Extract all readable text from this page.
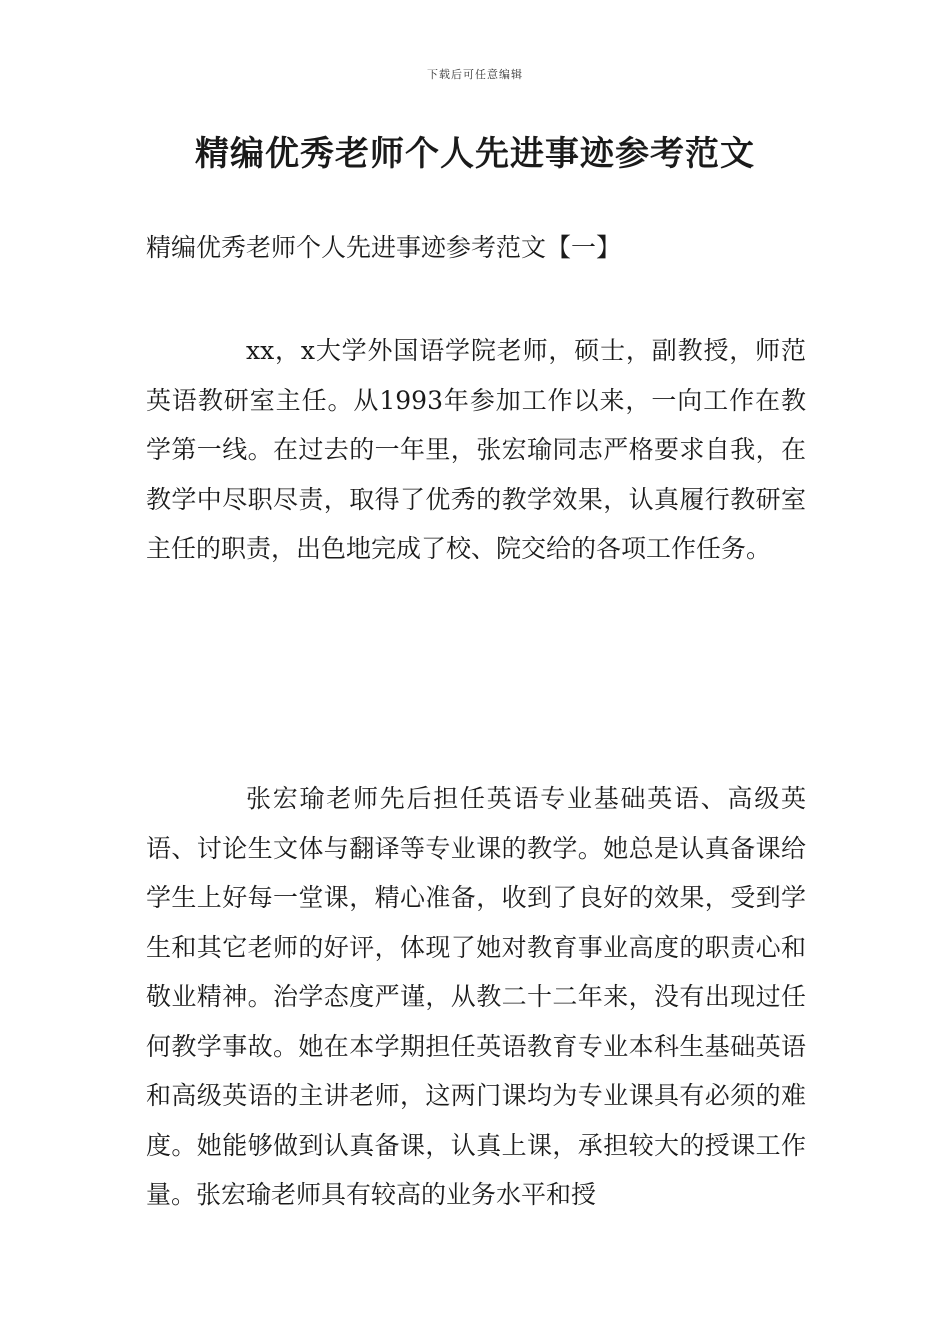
下载后可任意编辑
精编优秀老师个人先进事迹参考范文
精编优秀老师个人先进事迹参考范文【一】

xx，x大学外国语学院老师，硕士，副教授，师范英语教研室主任。从1993年参加工作以来，一向工作在教学第一线。在过去的一年里，张宏瑜同志严格要求自我，在教学中尽职尽责，取得了优秀的教学效果，认真履行教研室主任的职责，出色地完成了校、院交给的各项工作任务。

张宏瑜老师先后担任英语专业基础英语、高级英语、讨论生文体与翻译等专业课的教学。她总是认真备课给学生上好每一堂课，精心准备，收到了良好的效果，受到学生和其它老师的好评，体现了她对教育事业高度的职责心和敬业精神。治学态度严谨，从教二十二年来，没有出现过任何教学事故。她在本学期担任英语教育专业本科生基础英语和高级英语的主讲老师，这两门课均为专业课具有必须的难度。她能够做到认真备课，认真上课，承担较大的授课工作量。张宏瑜老师具有较高的业务水平和授
